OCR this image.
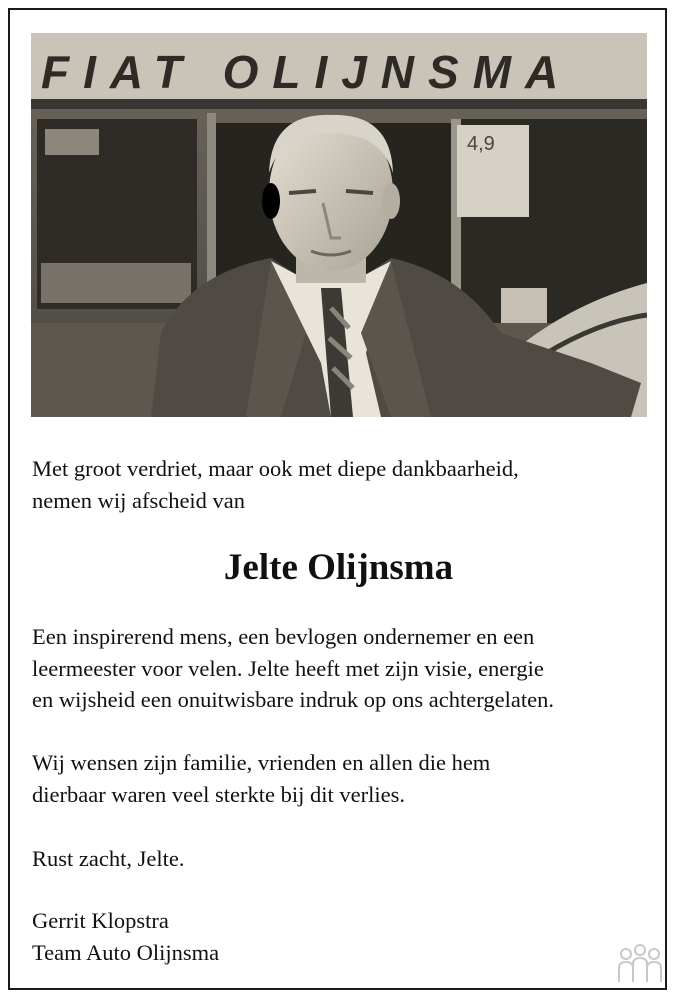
FIAT OLIJNSMA
4,9
Met groot verdriet, maar ook met diepe dankbaarheid,
nemen wij afscheid van
Jelte Olijnsma
Een inspirerend mens, een bevlogen ondernemer en een
leermeester voor velen. Jelte heeft met zijn visie, energie
en wijsheid een onuitwisbare indruk op ons achtergelaten.
Wij wensen zijn familie, vrienden en allen die hem
dierbaar waren veel sterkte bij dit verlies.
Rust zacht, Jelte.
Gerrit Klopstra
Team Auto Olijnsma
